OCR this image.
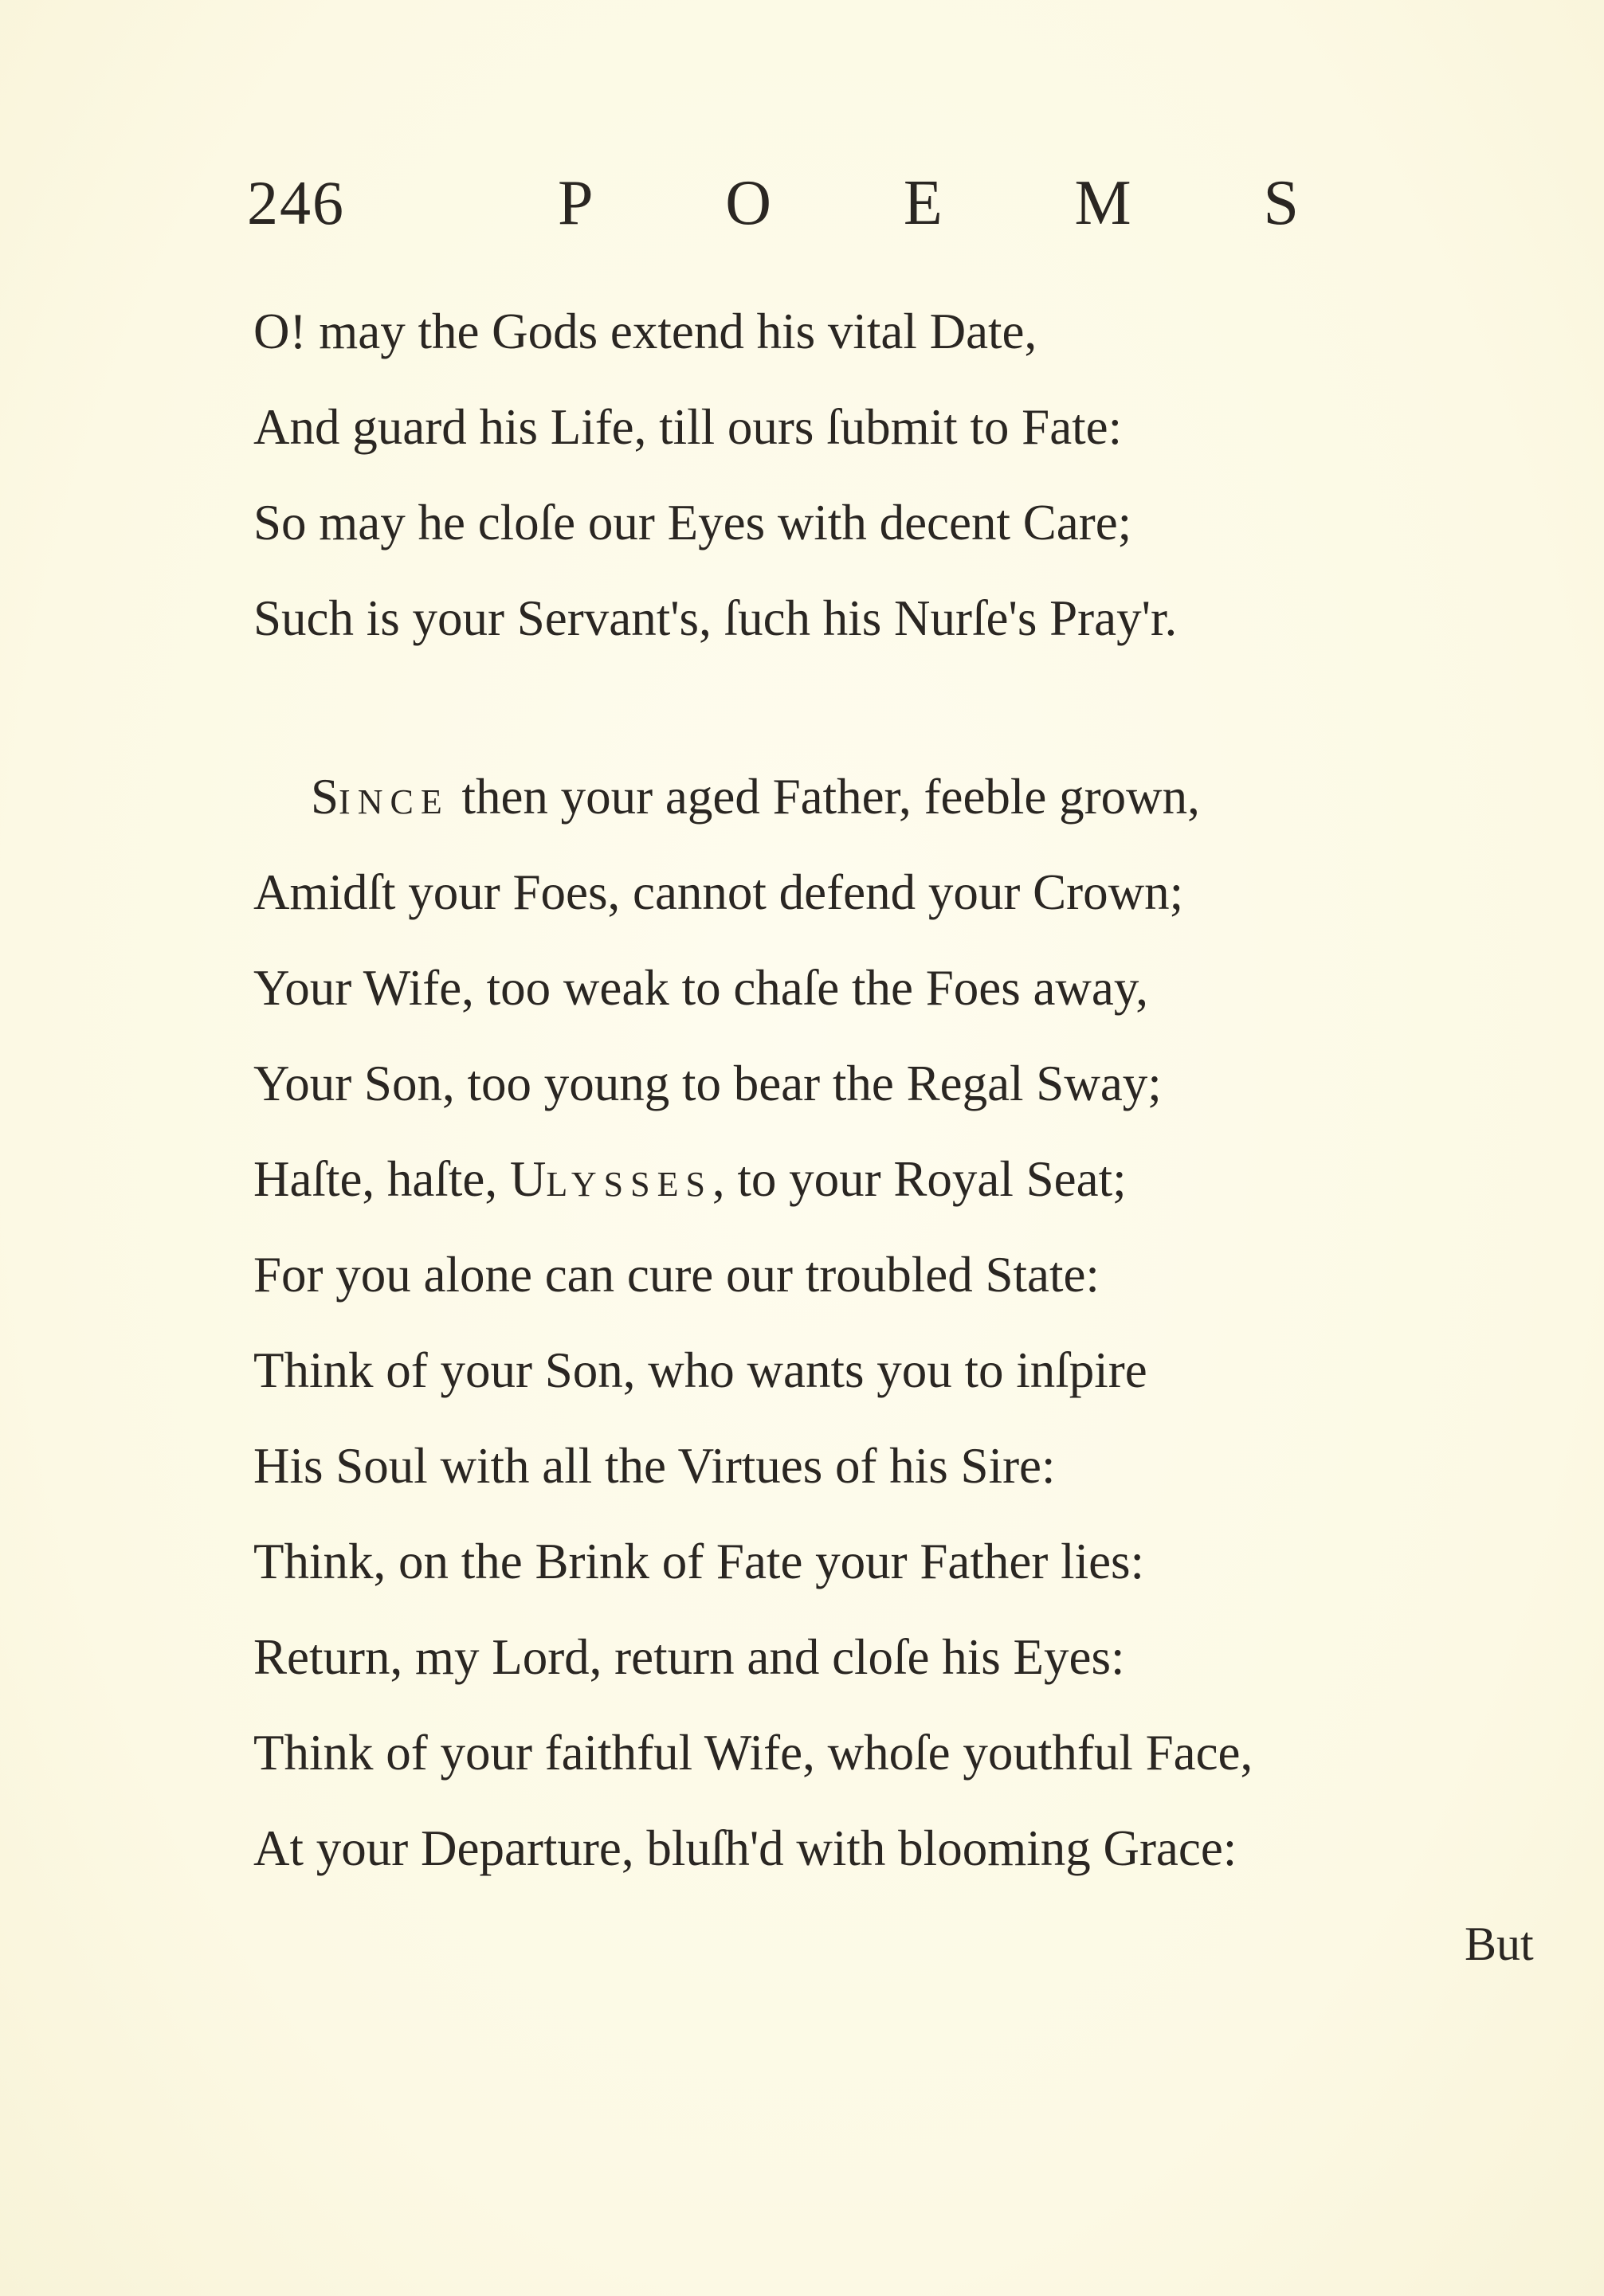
246	P O E M S
O! may the Gods extend his vital Date,
And guard his Life, till ours ſubmit to Fate:
So may he cloſe our Eyes with decent Care;
Such is your Servant's, ſuch his Nurſe's Pray'r.
SINCE then your aged Father, feeble grown,
Amidſt your Foes, cannot defend your Crown;
Your Wife, too weak to chaſe the Foes away,
Your Son, too young to bear the Regal Sway;
Haſte, haſte, ULYSSES, to your Royal Seat;
For you alone can cure our troubled State:
Think of your Son, who wants you to inſpire
His Soul with all the Virtues of his Sire:
Think, on the Brink of Fate your Father lies:
Return, my Lord, return and cloſe his Eyes:
Think of your faithful Wife, whoſe youthful Face,
At your Departure, bluſh'd with blooming Grace:
But
